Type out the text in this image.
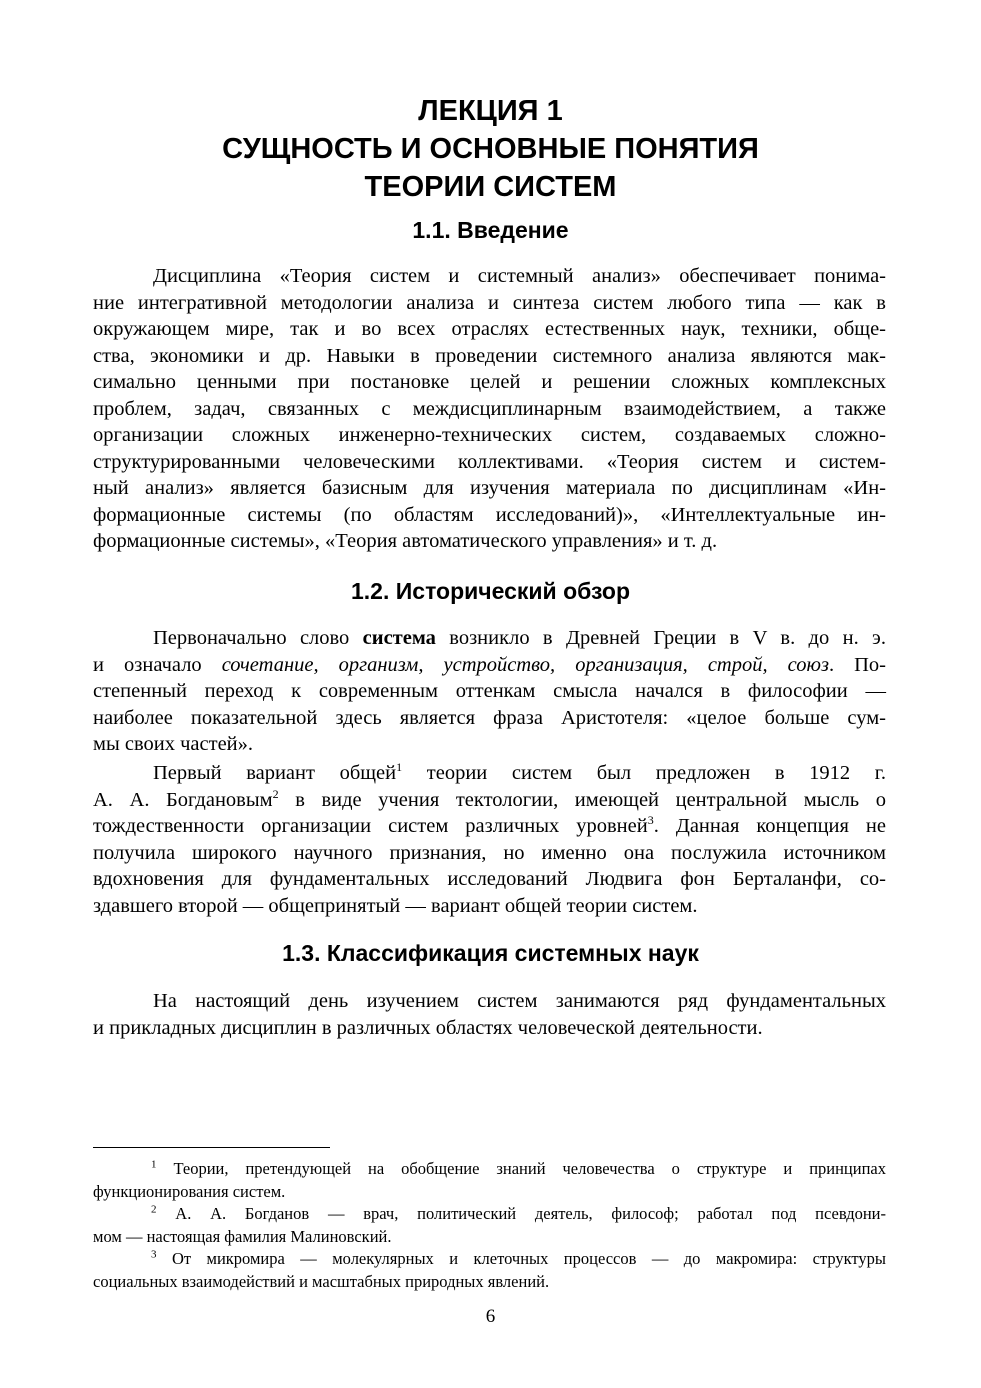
ЛЕКЦИЯ 1
СУЩНОСТЬ И ОСНОВНЫЕ ПОНЯТИЯ
ТЕОРИИ СИСТЕМ
1.1. Введение
Дисциплина «Теория систем и системный анализ» обеспечивает понима-
ние интегративной методологии анализа и синтеза систем любого типа — как в
окружающем мире, так и во всех отраслях естественных наук, техники, обще-
ства, экономики и др. Навыки в проведении системного анализа являются мак-
симально ценными при постановке целей и решении сложных комплексных
проблем, задач, связанных с междисциплинарным взаимодействием, а также
организации сложных инженерно-технических систем, создаваемых сложно-
структурированными человеческими коллективами. «Теория систем и систем-
ный анализ» является базисным для изучения материала по дисциплинам «Ин-
формационные системы (по областям исследований)», «Интеллектуальные ин-
формационные системы», «Теория автоматического управления» и т. д.
1.2. Исторический обзор
Первоначально слово система возникло в Древней Греции в V в. до н. э.
и означало сочетание, организм, устройство, организация, строй, союз. По-
степенный переход к современным оттенкам смысла начался в философии —
наиболее показательной здесь является фраза Аристотеля: «целое больше сум-
мы своих частей».
Первый вариант общей$^1$ теории систем был предложен в 1912 г.
А. А. Богдановым$^2$ в виде учения тектологии, имеющей центральной мысль о
тождественности организации систем различных уровней$^3$. Данная концепция не
получила широкого научного признания, но именно она послужила источником
вдохновения для фундаментальных исследований Людвига фон Берталанфи, со-
здавшего второй — общепринятый — вариант общей теории систем.
1.3. Классификация системных наук
На настоящий день изучением систем занимаются ряд фундаментальных
и прикладных дисциплин в различных областях человеческой деятельности.
$^1$ Теории, претендующей на обобщение знаний человечества о структуре и принципах
функционирования систем.
$^2$ А. А. Богданов — врач, политический деятель, философ; работал под псевдони-
мом — настоящая фамилия Малиновский.
$^3$ От микромира — молекулярных и клеточных процессов — до макромира: структуры
социальных взаимодействий и масштабных природных явлений.
6
